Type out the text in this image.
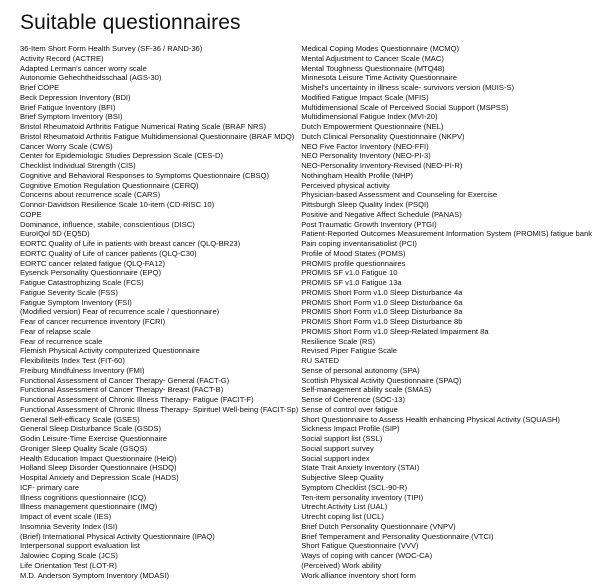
Suitable questionnaires
36-Item Short Form Health Survey (SF-36 / RAND-36)
Activity Record (ACTRE)
Adapted Lerman's cancer worry scale
Autonomie Gehechtheidsschaal (AGS-30)
Brief COPE
Beck Depression Inventory (BDI)
Brief Fatigue Inventory (BFI)
Brief Symptom Inventory (BSI)
Bristol Rheumatoid Arthritis Fatigue Numerical Rating Scale (BRAF NRS)
Bristol Rheumatoid Arthritis Fatigue Multidimensional Questionnaire (BRAF MDQ)
Cancer Worry Scale (CWS)
Center for Epidemiologic Studies Depression Scale (CES-D)
Checklist Individual Strength (CIS)
Cognitive and Behavioral Responses to Symptoms Questionnaire (CBSQ)
Cognitive Emotion Regulation Questionnaire (CERQ)
Concerns about recurrence scale (CARS)
Connor-Davidson Resilience Scale 10-item (CD-RISC 10)
COPE
Dominance, influence, stabile, conscientious (DISC)
EuroIQol 5D (EQ5D)
EORTC Quality of Life in patients with breast cancer (QLQ-BR23)
EORTC Quality of Life of cancer patients (QLQ-C30)
EORTC cancer related fatigue (QLQ-FA12)
Eysenck Personality Questionnaire (EPQ)
Fatigue Catastrophizing Scale (FCS)
Fatigue Severity Scale (FSS)
Fatigue Symptom Inventory (FSI)
(Modified version) Fear of recurrence scale / questionnaire)
Fear of cancer recurrence inventory (FCRI)
Fear of relapse scale
Fear of recurrence scale
Flemish Physical Activity computerized Questionnaire
Flexibiliteits Index Test (FIT-60)
Freiburg Mindfulness Inventory (FMI)
Functional Assessment of Cancer Therapy- General (FACT-G)
Functional Assessment of Cancer Therapy- Breast (FACT-B)
Functional Assessment of Chronic Illness Therapy- Fatigue (FACIT-F)
Functional Assessment of Chronic Illness Therapy- Spirituel Well-being (FACIT-Sp)
General Self-efficacy Scale (GSES)
General Sleep Disturbance Scale (GSDS)
Godin Leisure-Time Exercise Questionnaire
Groniger Sleep Quality Scale (GSQS)
Health Education Impact Questionnaire (HeiQ)
Holland Sleep Disorder Questionnaire (HSDQ)
Hospital Anxiety and Depression Scale (HADS)
ICF- primary care
Illness cognitions questionnaire (ICQ)
Illness management questionnaire (IMQ)
Impact of event scale (IES)
Insomnia Severity Index (ISI)
(Brief) International Physical Activity Questionnaire (IPAQ)
Interpersonal support evaluation list
Jalowiec Coping Scale (JCS)
Life Orientation Test (LOT-R)
M.D. Anderson Symptom Inventory (MDASI)
Medical Coping Modes Questionnaire (MCMQ)
Mental Adjustment to Cancer Scale (MAC)
Mental Toughness Questionnaire (MTQ48)
Minnesota Leisure Time Activity Questionnaire
Mishel's uncertainty in illness scale- survivors version (MUIS-S)
Modified Fatigue Impact Scale (MFIS)
Multidimensional Scale of Perceived Social Support (MSPSS)
Multidimensional Fatigue Index (MVI-20)
Dutch Empowerment Questionnaire (NEL)
Dutch Clinical Personality Questionnaire (NKPV)
NEO Five Factor Inventory (NEO-FFI)
NEO Personality Inventory (NEO-PI-3)
NEO-Personality Inventory-Revised (NEO-PI-R)
Nothingham Health Profile (NHP)
Perceived physical activity
Physician-based Assessment and Counseling for Exercise
Pittsburgh Sleep Quality Index (PSQI)
Positive and Negative Affect Schedule (PANAS)
Post Traumatic Growth Inventory (PTGI)
Patient-Reported Outcomes Measurement Information System (PROMIS) fatigue bank
Pain coping inventarisatiolist (PCI)
Profile of Mood States (POMS)
PROMIS profile questionnaires
PROMIS SF v1.0 Fatigue 10
PROMIS SF v1.0 Fatigue 13a
PROMIS Short Form v1.0 Sleep Disturbance 4a
PROMIS Short Form v1.0 Sleep Disturbance 6a
PROMIS Short Form v1.0 Sleep Disturbance 8a
PROMIS Short Form v1.0 Sleep Disturbance 8b
PROMIS Short Form v1.0 Sleep-Related Impairment 8a
Resilience Scale (RS)
Revised Piper Fatigue Scale
RU SATED
Sense of personal autonomy (SPA)
Scottish Physical Activity Questionnaire (SPAQ)
Self-management ability scale (SMAS)
Sense of Coherence (SOC-13)
Sense of control over fatigue
Short Questionnaire to Assess Health enhancing Physical Activity (SQUASH)
Sickness Impact Profile (SIP)
Social support list (SSL)
Social support survey
Social support index
State Trait Anxiety Inventory (STAI)
Subjective Sleep Quality
Symptom Checklist (SCL-90-R)
Ten-item personality inventory (TIPI)
Utrecht Activity List (UAL)
Utrecht coping list (UCL)
Brief Dutch Personality Questionnaire (VNPV)
Brief Temperament and Personality Questionnaire (VTCI)
Short Fatigue Questionnaire (VVV)
Ways of coping with cancer (WOC-CA)
(Perceived) Work ability
Work alliance inventory short form
